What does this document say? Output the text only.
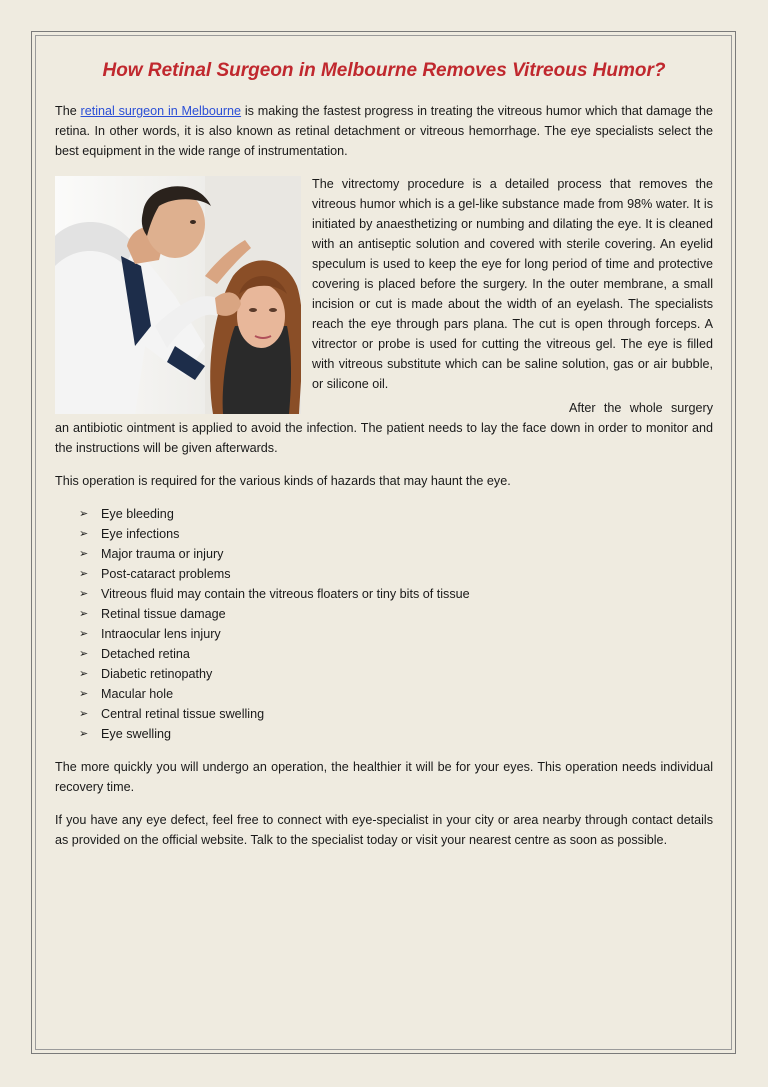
How Retinal Surgeon in Melbourne Removes Vitreous Humor?

The retinal surgeon in Melbourne is making the fastest progress in treating the vitreous humor which that damage the retina. In other words, it is also known as retinal detachment or vitreous hemorrhage. The eye specialists select the best equipment in the wide range of instrumentation.

The vitrectomy procedure is a detailed process that removes the vitreous humor which is a gel-like substance made from 98% water. It is initiated by anaesthetizing or numbing and dilating the eye. It is cleaned with an antiseptic solution and covered with sterile covering. An eyelid speculum is used to keep the eye for long period of time and protective covering is placed before the surgery. In the outer membrane, a small incision or cut is made about the width of an eyelash. The specialists reach the eye through pars plana. The cut is open through forceps. A vitrector or probe is used for cutting the vitreous gel. The eye is filled with vitreous substitute which can be saline solution, gas or air bubble, or silicone oil.

After the whole surgery an antibiotic ointment is applied to avoid the infection. The patient needs to lay the face down in order to monitor and the instructions will be given afterwards.

This operation is required for the various kinds of hazards that may haunt the eye.

➢	Eye bleeding
➢	Eye infections
➢	Major trauma or injury
➢	Post-cataract problems
➢	Vitreous fluid may contain the vitreous floaters or tiny bits of tissue
➢	Retinal tissue damage
➢	Intraocular lens injury
➢	Detached retina
➢	Diabetic retinopathy
➢	Macular hole
➢	Central retinal tissue swelling
➢	Eye swelling

The more quickly you will undergo an operation, the healthier it will be for your eyes. This operation needs individual recovery time.

If you have any eye defect, feel free to connect with eye-specialist in your city or area nearby through contact details as provided on the official website. Talk to the specialist today or visit your nearest centre as soon as possible.
